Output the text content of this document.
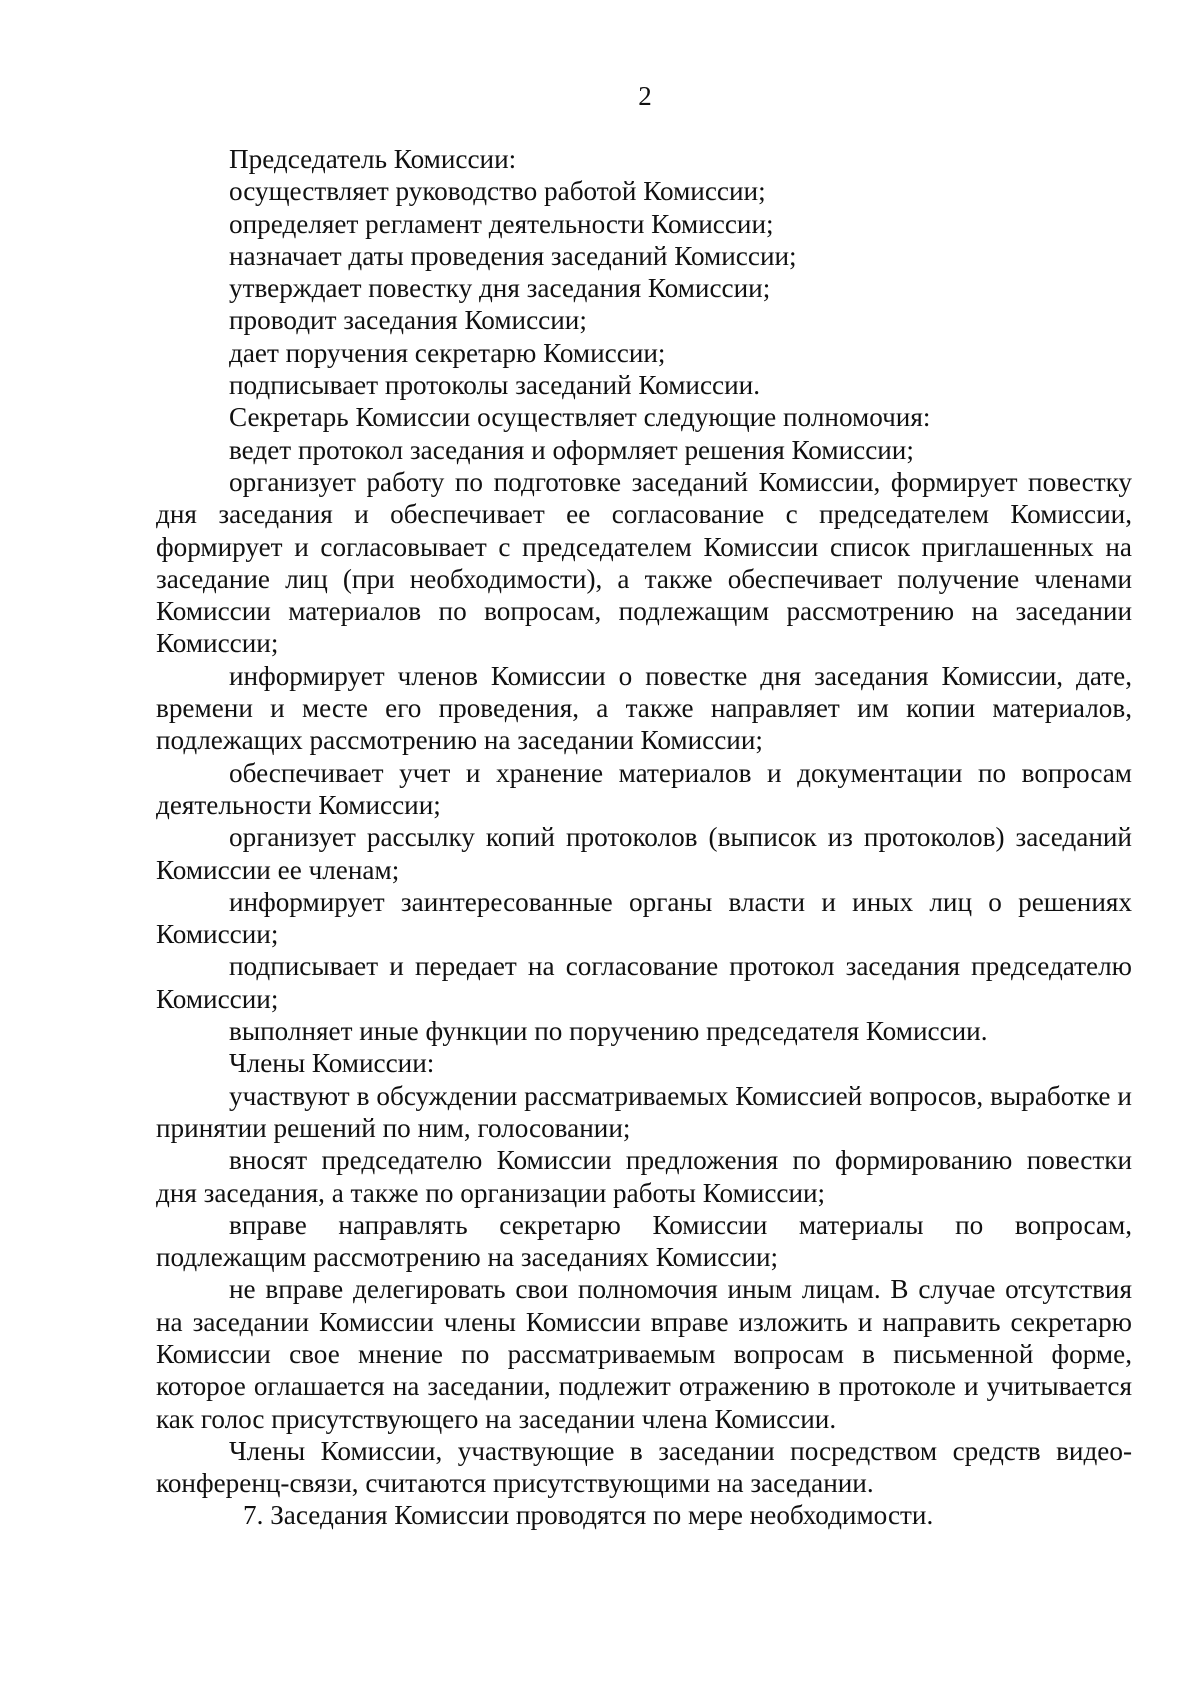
2

Председатель Комиссии:

осуществляет руководство работой Комиссии;

определяет регламент деятельности Комиссии;

назначает даты проведения заседаний Комиссии;

утверждает повестку дня заседания Комиссии;

проводит заседания Комиссии;

дает поручения секретарю Комиссии;

подписывает протоколы заседаний Комиссии.

Секретарь Комиссии осуществляет следующие полномочия:

ведет протокол заседания и оформляет решения Комиссии;

организует работу по подготовке заседаний Комиссии, формирует повестку дня заседания и обеспечивает ее согласование с председателем Комиссии, формирует и согласовывает с председателем Комиссии список приглашенных на заседание лиц (при необходимости), а также обеспечивает получение членами Комиссии материалов по вопросам, подлежащим рассмотрению на заседании Комиссии;

информирует членов Комиссии о повестке дня заседания Комиссии, дате, времени и месте его проведения, а также направляет им копии материалов, подлежащих рассмотрению на заседании Комиссии;

обеспечивает учет и хранение материалов и документации по вопросам деятельности Комиссии;

организует рассылку копий протоколов (выписок из протоколов) заседаний Комиссии ее членам;

информирует заинтересованные органы власти и иных лиц о решениях Комиссии;

подписывает и передает на согласование протокол заседания председателю Комиссии;

выполняет иные функции по поручению председателя Комиссии.

Члены Комиссии:

участвуют в обсуждении рассматриваемых Комиссией вопросов, выработке и принятии решений по ним, голосовании;

вносят председателю Комиссии предложения по формированию повестки дня заседания, а также по организации работы Комиссии;

вправе направлять секретарю Комиссии материалы по вопросам, подлежащим рассмотрению на заседаниях Комиссии;

не вправе делегировать свои полномочия иным лицам. В случае отсутствия на заседании Комиссии члены Комиссии вправе изложить и направить секретарю Комиссии свое мнение по рассматриваемым вопросам в письменной форме, которое оглашается на заседании, подлежит отражению в протоколе и учитывается как голос присутствующего на заседании члена Комиссии.

Члены Комиссии, участвующие в заседании посредством средств видео-конференц-связи, считаются присутствующими на заседании.

7. Заседания Комиссии проводятся по мере необходимости.
